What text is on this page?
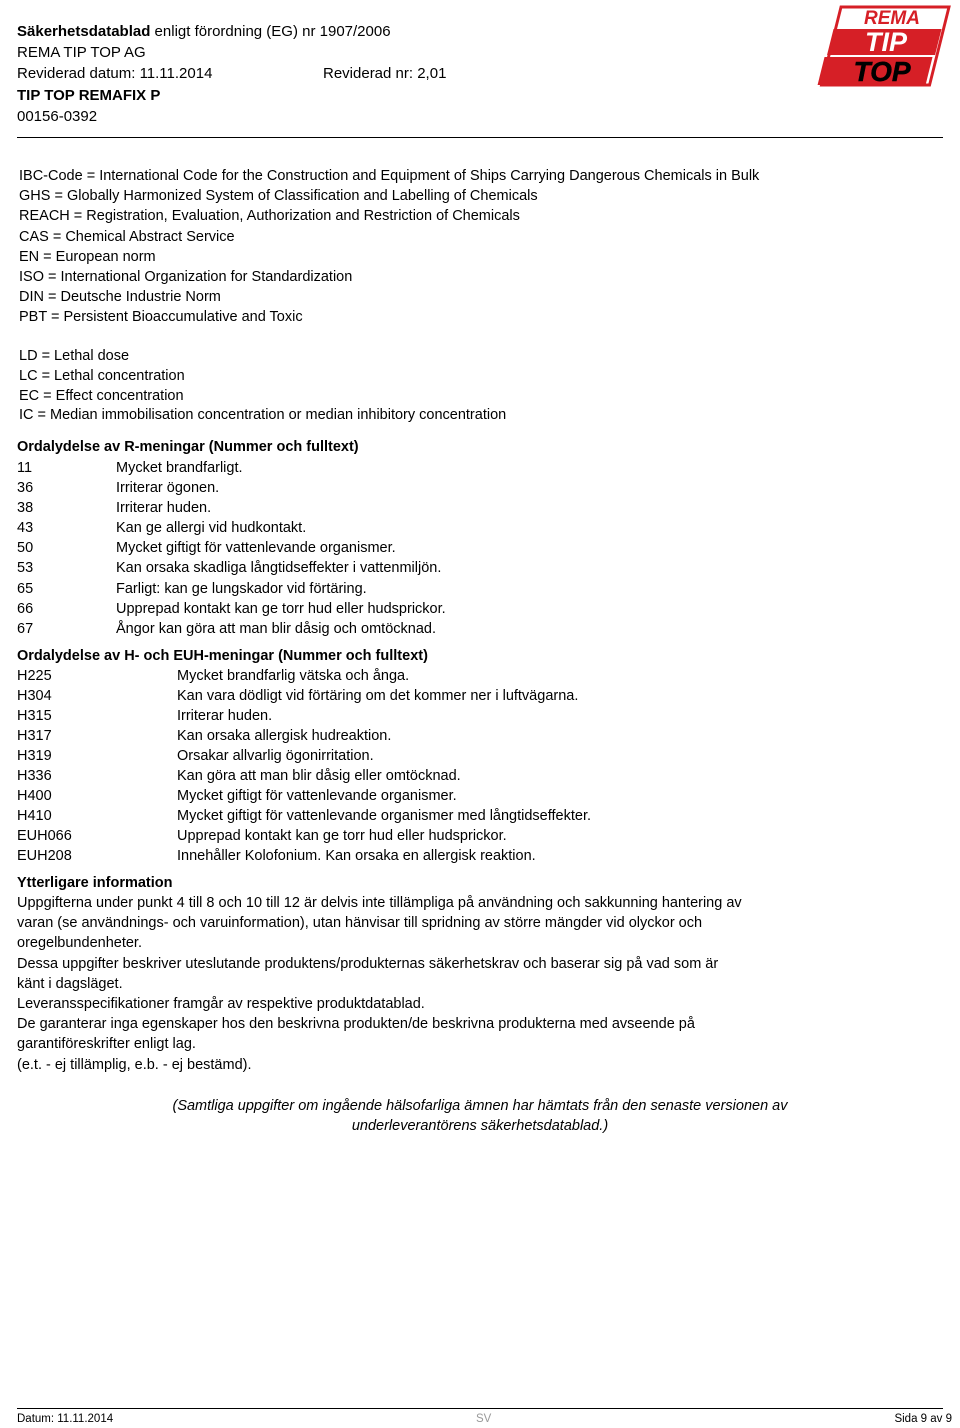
Säkerhetsdatablad enligt förordning (EG) nr 1907/2006
REMA TIP TOP AG
Reviderad datum: 11.11.2014	Reviderad nr: 2,01
TIP TOP REMAFIX P
00156-0392
REMA
TIP
TOP
IBC-Code = International Code for the Construction and Equipment of Ships Carrying Dangerous Chemicals in Bulk
GHS = Globally Harmonized System of Classification and Labelling of Chemicals
REACH = Registration, Evaluation, Authorization and Restriction of Chemicals
CAS = Chemical Abstract Service
EN = European norm
ISO = International Organization for Standardization
DIN = Deutsche Industrie Norm
PBT = Persistent Bioaccumulative and Toxic
LD = Lethal dose
LC = Lethal concentration
EC = Effect concentration
IC = Median immobilisation concentration or median inhibitory concentration
Ordalydelse av R-meningar (Nummer och fulltext)
11	Mycket brandfarligt.
36	Irriterar ögonen.
38	Irriterar huden.
43	Kan ge allergi vid hudkontakt.
50	Mycket giftigt för vattenlevande organismer.
53	Kan orsaka skadliga långtidseffekter i vattenmiljön.
65	Farligt: kan ge lungskador vid förtäring.
66	Upprepad kontakt kan ge torr hud eller hudsprickor.
67	Ångor kan göra att man blir dåsig och omtöcknad.
Ordalydelse av H- och EUH-meningar (Nummer och fulltext)
H225	Mycket brandfarlig vätska och ånga.
H304	Kan vara dödligt vid förtäring om det kommer ner i luftvägarna.
H315	Irriterar huden.
H317	Kan orsaka allergisk hudreaktion.
H319	Orsakar allvarlig ögonirritation.
H336	Kan göra att man blir dåsig eller omtöcknad.
H400	Mycket giftigt för vattenlevande organismer.
H410	Mycket giftigt för vattenlevande organismer med långtidseffekter.
EUH066	Upprepad kontakt kan ge torr hud eller hudsprickor.
EUH208	Innehåller Kolofonium. Kan orsaka en allergisk reaktion.
Ytterligare information
Uppgifterna under punkt 4 till 8 och 10 till 12 är delvis inte tillämpliga på användning och sakkunning hantering av
varan (se användnings- och varuinformation), utan hänvisar till spridning av större mängder vid olyckor och
oregelbundenheter.
Dessa uppgifter beskriver uteslutande produktens/produkternas säkerhetskrav och baserar sig på vad som är
känt i dagsläget.
Leveransspecifikationer framgår av respektive produktdatablad.
De garanterar inga egenskaper hos den beskrivna produkten/de beskrivna produkterna med avseende på
garantiföreskrifter enligt lag.
(e.t. - ej tillämplig, e.b. - ej bestämd).
(Samtliga uppgifter om ingående hälsofarliga ämnen har hämtats från den senaste versionen av
underleverantörens säkerhetsdatablad.)
Datum: 11.11.2014	SV	Sida 9 av 9
